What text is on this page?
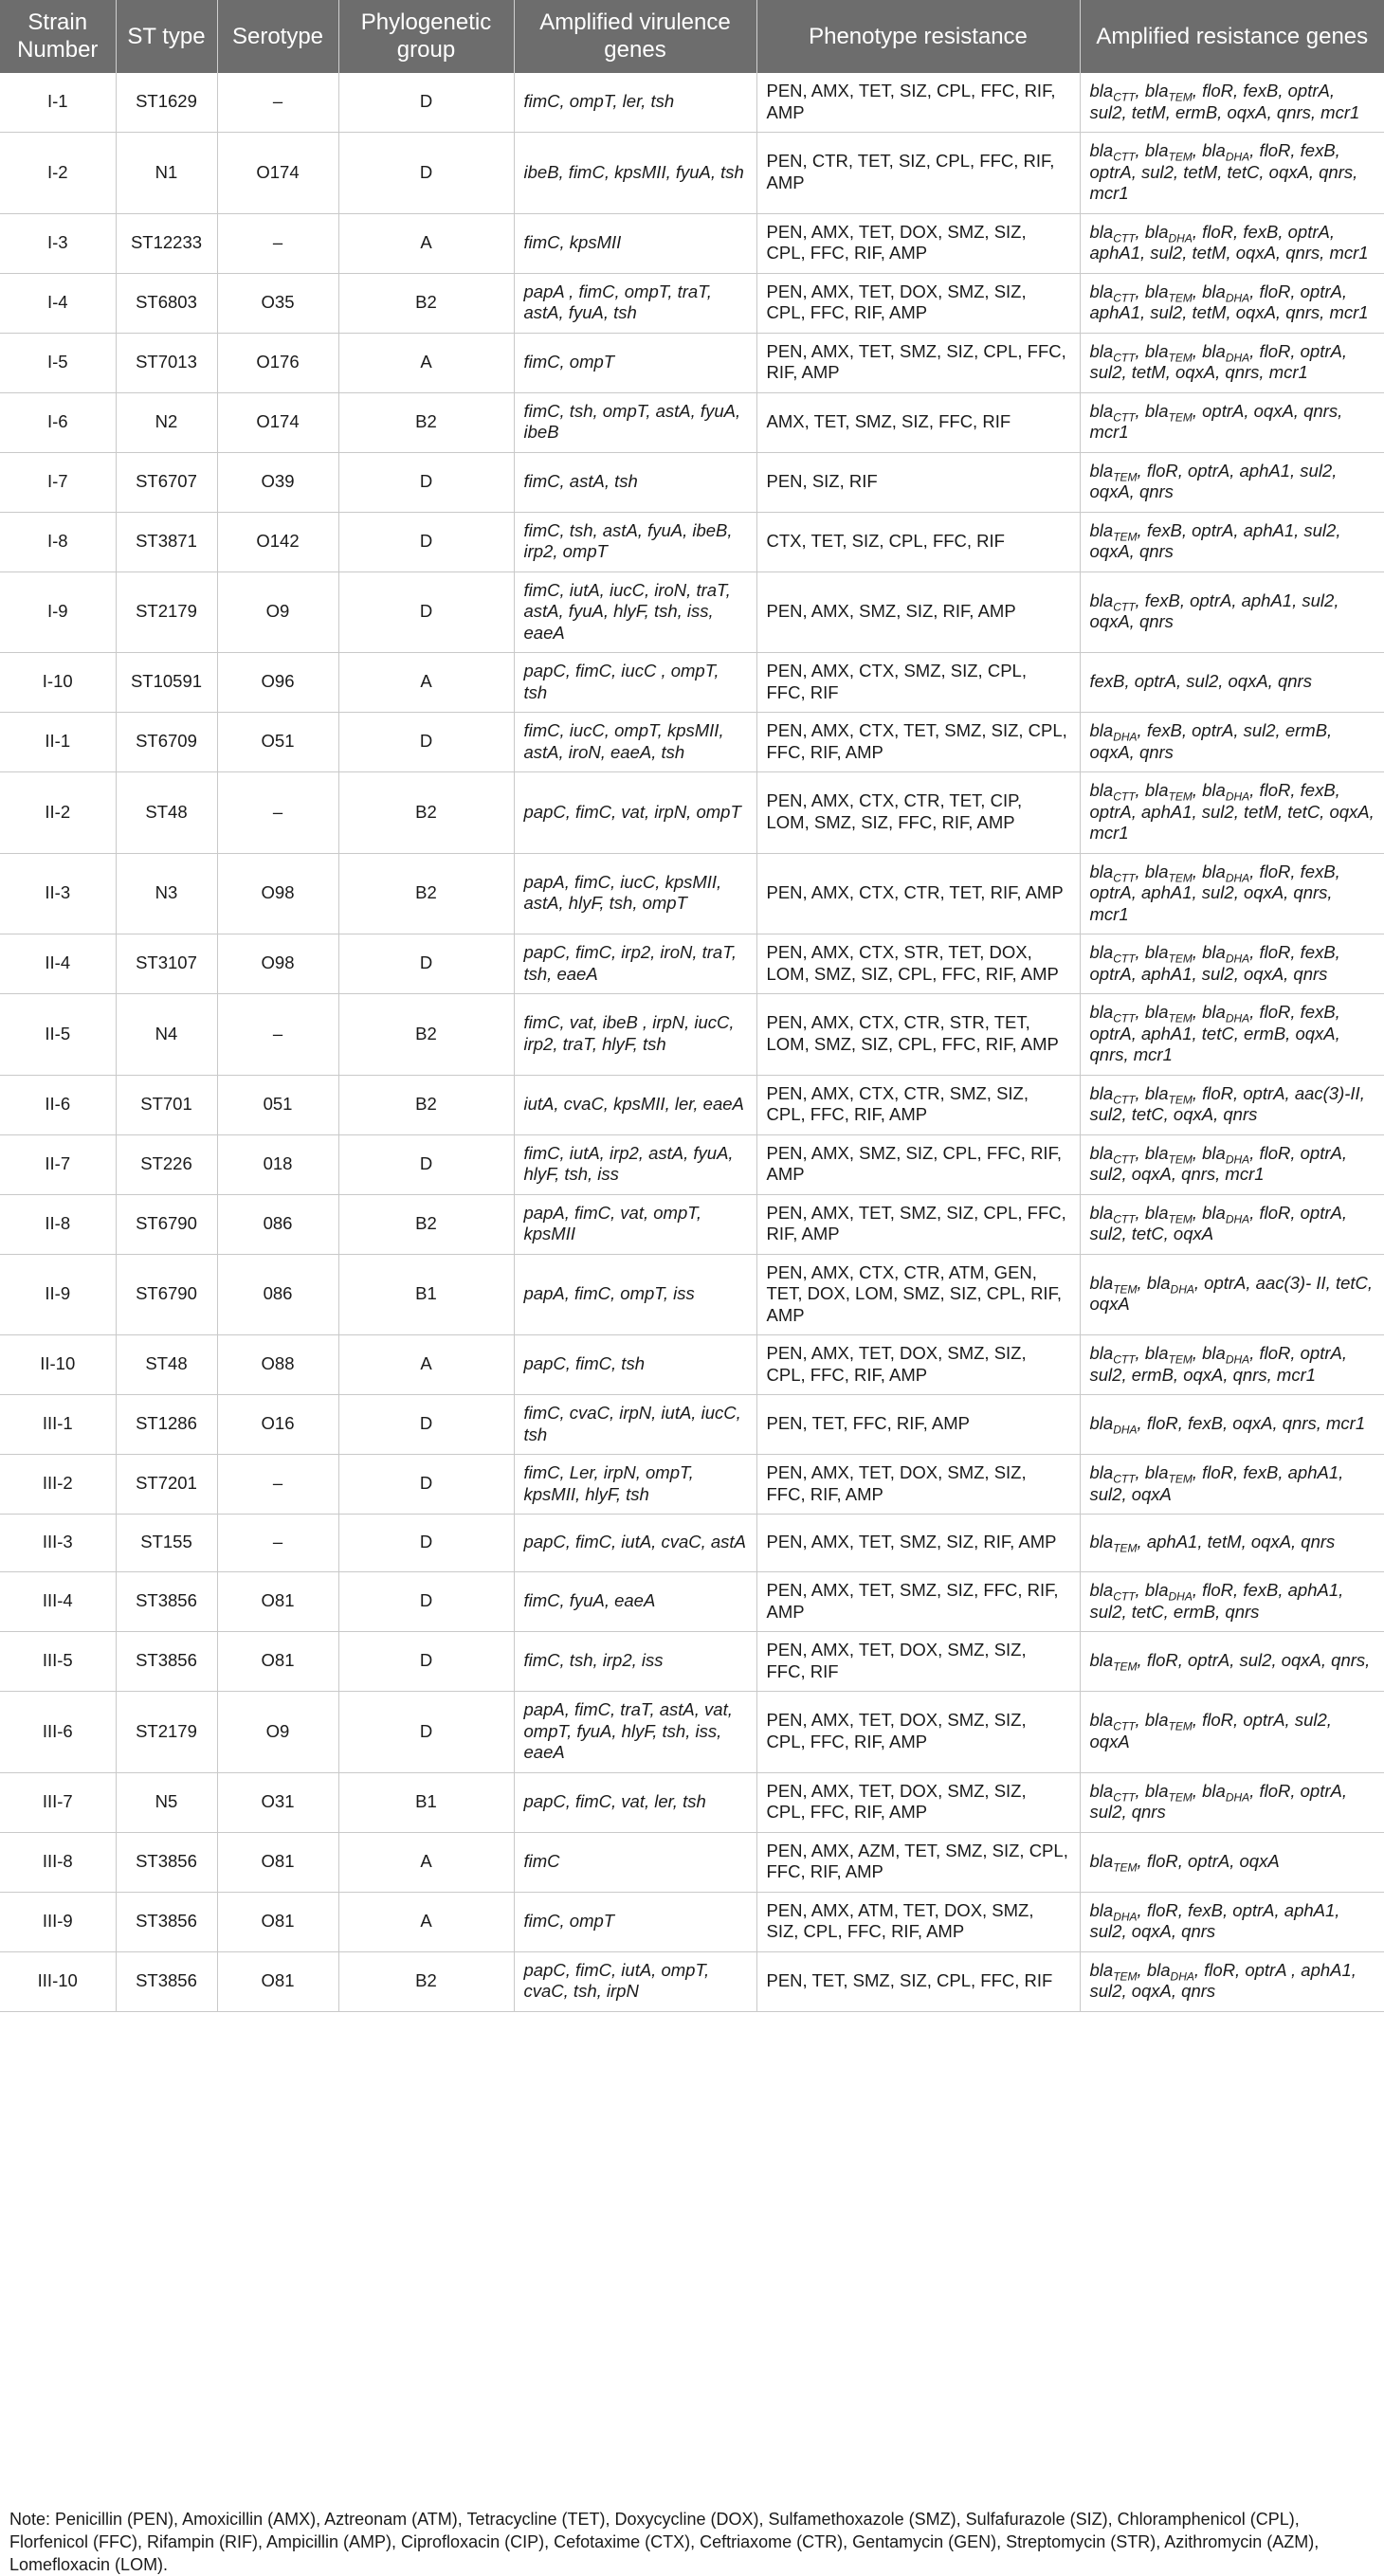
Strain Number	ST type	Serotype	Phylogenetic group	Amplified virulence genes	Phenotype resistance	Amplified resistance genes
I-1	ST1629	–	D	fimC, ompT, ler, tsh	PEN, AMX, TET, SIZ, CPL, FFC, RIF, AMP	bla$_{CTT}$, bla$_{TEM}$, floR, fexB, optrA, sul2, tetM, ermB, oqxA, qnrs, mcr1
I-2	N1	O174	D	ibeB, fimC, kpsMII, fyuA, tsh	PEN, CTR, TET, SIZ, CPL, FFC, RIF, AMP	bla$_{CTT}$, bla$_{TEM}$, bla$_{DHA}$, floR, fexB, optrA, sul2, tetM, tetC, oqxA, qnrs, mcr1
I-3	ST12233	–	A	fimC, kpsMII	PEN, AMX, TET, DOX, SMZ, SIZ, CPL, FFC, RIF, AMP	bla$_{CTT}$, bla$_{DHA}$, floR, fexB, optrA, aphA1, sul2, tetM, oqxA, qnrs, mcr1
I-4	ST6803	O35	B2	papA , fimC, ompT, traT, astA, fyuA, tsh	PEN, AMX, TET, DOX, SMZ, SIZ, CPL, FFC, RIF, AMP	bla$_{CTT}$, bla$_{TEM}$, bla$_{DHA}$, floR, optrA, aphA1, sul2, tetM, oqxA, qnrs, mcr1
I-5	ST7013	O176	A	fimC, ompT	PEN, AMX, TET, SMZ, SIZ, CPL, FFC, RIF, AMP	bla$_{CTT}$, bla$_{TEM}$, bla$_{DHA}$, floR, optrA, sul2, tetM, oqxA, qnrs, mcr1
I-6	N2	O174	B2	fimC, tsh, ompT, astA, fyuA, ibeB	AMX, TET, SMZ, SIZ, FFC, RIF	bla$_{CTT}$, bla$_{TEM}$, optrA, oqxA, qnrs, mcr1
I-7	ST6707	O39	D	fimC, astA, tsh	PEN, SIZ, RIF	bla$_{TEM}$, floR, optrA, aphA1, sul2, oqxA, qnrs
I-8	ST3871	O142	D	fimC, tsh, astA, fyuA, ibeB, irp2, ompT	CTX, TET, SIZ, CPL, FFC, RIF	bla$_{TEM}$, fexB, optrA, aphA1, sul2, oqxA, qnrs
I-9	ST2179	O9	D	fimC, iutA, iucC, iroN, traT, astA, fyuA, hlyF, tsh, iss, eaeA	PEN, AMX, SMZ, SIZ, RIF, AMP	bla$_{CTT}$, fexB, optrA, aphA1, sul2, oqxA, qnrs
I-10	ST10591	O96	A	papC, fimC, iucC , ompT, tsh	PEN, AMX, CTX, SMZ, SIZ, CPL, FFC, RIF	fexB, optrA, sul2, oqxA, qnrs
II-1	ST6709	O51	D	fimC, iucC, ompT, kpsMII, astA, iroN, eaeA, tsh	PEN, AMX, CTX, TET, SMZ, SIZ, CPL, FFC, RIF, AMP	bla$_{DHA}$, fexB, optrA, sul2, ermB, oqxA, qnrs
II-2	ST48	–	B2	papC, fimC, vat, irpN, ompT	PEN, AMX, CTX, CTR, TET, CIP, LOM, SMZ, SIZ, FFC, RIF, AMP	bla$_{CTT}$, bla$_{TEM}$, bla$_{DHA}$, floR, fexB, optrA, aphA1, sul2, tetM, tetC, oqxA, mcr1
II-3	N3	O98	B2	papA, fimC, iucC, kpsMII, astA, hlyF, tsh, ompT	PEN, AMX, CTX, CTR, TET, RIF, AMP	bla$_{CTT}$, bla$_{TEM}$, bla$_{DHA}$, floR, fexB, optrA, aphA1, sul2, oqxA, qnrs, mcr1
II-4	ST3107	O98	D	papC, fimC, irp2, iroN, traT, tsh, eaeA	PEN, AMX, CTX, STR, TET, DOX, LOM, SMZ, SIZ, CPL, FFC, RIF, AMP	bla$_{CTT}$, bla$_{TEM}$, bla$_{DHA}$, floR, fexB, optrA, aphA1, sul2, oqxA, qnrs
II-5	N4	–	B2	fimC, vat, ibeB , irpN, iucC, irp2, traT, hlyF, tsh	PEN, AMX, CTX, CTR, STR, TET, LOM, SMZ, SIZ, CPL, FFC, RIF, AMP	bla$_{CTT}$, bla$_{TEM}$, bla$_{DHA}$, floR, fexB, optrA, aphA1, tetC, ermB, oqxA, qnrs, mcr1
II-6	ST701	051	B2	iutA, cvaC, kpsMII, ler, eaeA	PEN, AMX, CTX, CTR, SMZ, SIZ, CPL, FFC, RIF, AMP	bla$_{CTT}$, bla$_{TEM}$, floR, optrA, aac(3)-II, sul2, tetC, oqxA, qnrs
II-7	ST226	018	D	fimC, iutA, irp2, astA, fyuA, hlyF, tsh, iss	PEN, AMX, SMZ, SIZ, CPL, FFC, RIF, AMP	bla$_{CTT}$, bla$_{TEM}$, bla$_{DHA}$, floR, optrA, sul2, oqxA, qnrs, mcr1
II-8	ST6790	086	B2	papA, fimC, vat, ompT, kpsMII	PEN, AMX, TET, SMZ, SIZ, CPL, FFC, RIF, AMP	bla$_{CTT}$, bla$_{TEM}$, bla$_{DHA}$, floR, optrA, sul2, tetC, oqxA
II-9	ST6790	086	B1	papA, fimC, ompT, iss	PEN, AMX, CTX, CTR, ATM, GEN, TET, DOX, LOM, SMZ, SIZ, CPL, RIF, AMP	bla$_{TEM}$, bla$_{DHA}$, optrA, aac(3)- II, tetC, oqxA
II-10	ST48	O88	A	papC, fimC, tsh	PEN, AMX, TET, DOX, SMZ, SIZ, CPL, FFC, RIF, AMP	bla$_{CTT}$, bla$_{TEM}$, bla$_{DHA}$, floR, optrA, sul2, ermB, oqxA, qnrs, mcr1
III-1	ST1286	O16	D	fimC, cvaC, irpN, iutA, iucC, tsh	PEN, TET, FFC, RIF, AMP	bla$_{DHA}$, floR, fexB, oqxA, qnrs, mcr1
III-2	ST7201	–	D	fimC, Ler, irpN, ompT, kpsMII, hlyF, tsh	PEN, AMX, TET, DOX, SMZ, SIZ, FFC, RIF, AMP	bla$_{CTT}$, bla$_{TEM}$, floR, fexB, aphA1, sul2, oqxA
III-3	ST155	–	D	papC, fimC, iutA, cvaC, astA	PEN, AMX, TET, SMZ, SIZ, RIF, AMP	bla$_{TEM}$, aphA1, tetM, oqxA, qnrs
III-4	ST3856	O81	D	fimC, fyuA, eaeA	PEN, AMX, TET, SMZ, SIZ, FFC, RIF, AMP	bla$_{CTT}$, bla$_{DHA}$, floR, fexB, aphA1, sul2, tetC, ermB, qnrs
III-5	ST3856	O81	D	fimC, tsh, irp2, iss	PEN, AMX, TET, DOX, SMZ, SIZ, FFC, RIF	bla$_{TEM}$, floR, optrA, sul2, oqxA, qnrs,
III-6	ST2179	O9	D	papA, fimC, traT, astA, vat, ompT, fyuA, hlyF, tsh, iss, eaeA	PEN, AMX, TET, DOX, SMZ, SIZ, CPL, FFC, RIF, AMP	bla$_{CTT}$, bla$_{TEM}$, floR, optrA, sul2, oqxA
III-7	N5	O31	B1	papC, fimC, vat, ler, tsh	PEN, AMX, TET, DOX, SMZ, SIZ, CPL, FFC, RIF, AMP	bla$_{CTT}$, bla$_{TEM}$, bla$_{DHA}$, floR, optrA, sul2, qnrs
III-8	ST3856	O81	A	fimC	PEN, AMX, AZM, TET, SMZ, SIZ, CPL, FFC, RIF, AMP	bla$_{TEM}$, floR, optrA, oqxA
III-9	ST3856	O81	A	fimC, ompT	PEN, AMX, ATM, TET, DOX, SMZ, SIZ, CPL, FFC, RIF, AMP	bla$_{DHA}$, floR, fexB, optrA, aphA1, sul2, oqxA, qnrs
III-10	ST3856	O81	B2	papC, fimC, iutA, ompT, cvaC, tsh, irpN	PEN, TET, SMZ, SIZ, CPL, FFC, RIF	bla$_{TEM}$, bla$_{DHA}$, floR, optrA , aphA1, sul2, oqxA, qnrs
Note: Penicillin (PEN), Amoxicillin (AMX), Aztreonam (ATM), Tetracycline (TET), Doxycycline (DOX), Sulfamethoxazole (SMZ), Sulfafurazole (SIZ), Chloramphenicol (CPL), Florfenicol (FFC), Rifampin (RIF), Ampicillin (AMP), Ciprofloxacin (CIP), Cefotaxime (CTX), Ceftriaxome (CTR), Gentamycin (GEN), Streptomycin (STR), Azithromycin (AZM), Lomefloxacin (LOM).
